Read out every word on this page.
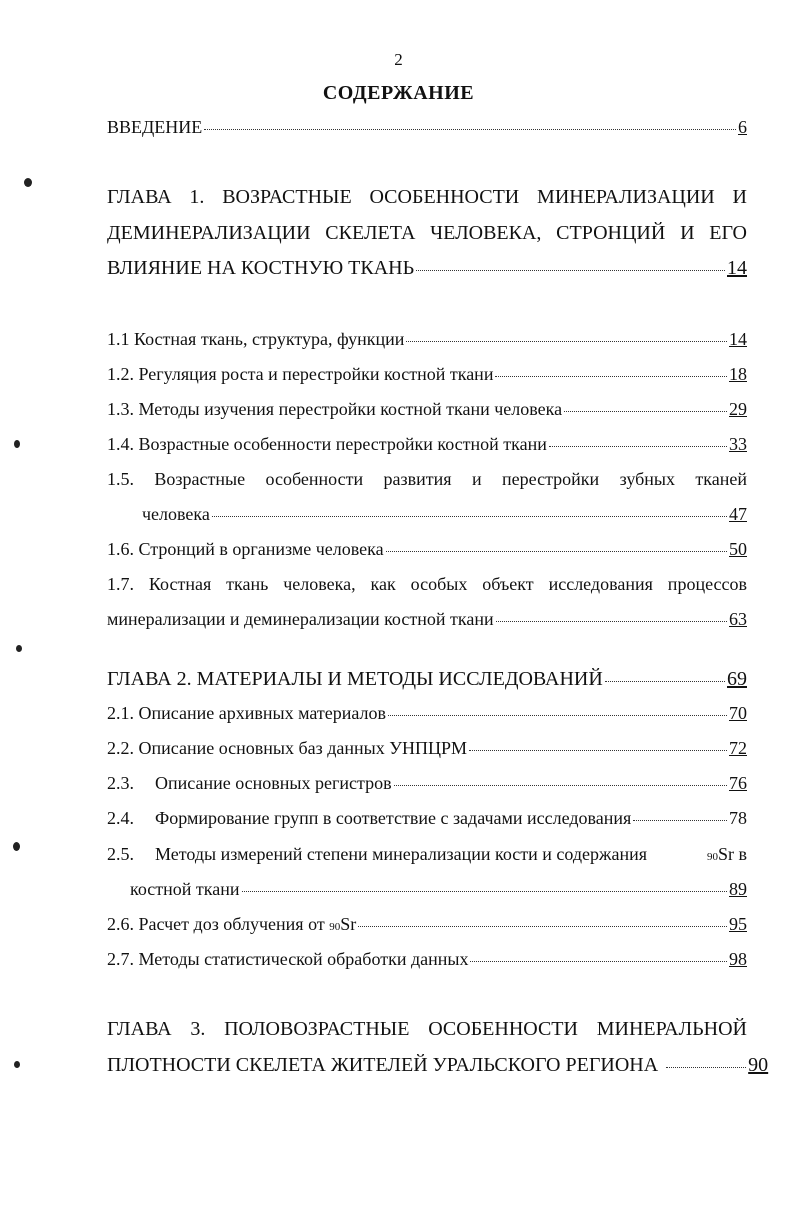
2
СОДЕРЖАНИЕ
ВВЕДЕНИЕ	6
ГЛАВА 1. ВОЗРАСТНЫЕ ОСОБЕННОСТИ МИНЕРАЛИЗАЦИИ И
ДЕМИНЕРАЛИЗАЦИИ СКЕЛЕТА ЧЕЛОВЕКА, СТРОНЦИЙ И ЕГО
ВЛИЯНИЕ НА КОСТНУЮ ТКАНЬ	14
1.1 Костная ткань, структура, функции	14
1.2. Регуляция роста и перестройки костной ткани	18
1.3. Методы изучения перестройки костной ткани человека	29
1.4. Возрастные особенности перестройки костной ткани	33
1.5. Возрастные особенности развития и перестройки зубных тканей
человека	47
1.6. Стронций в организме человека	50
1.7. Костная ткань человека, как особых объект исследования процессов
минерализации и деминерализации костной ткани	63
ГЛАВА 2. МАТЕРИАЛЫ И МЕТОДЫ ИССЛЕДОВАНИЙ	69
2.1. Описание архивных материалов	70
2.2. Описание основных баз данных УНПЦРМ	72
2.3.	Описание основных регистров	76
2.4.	Формирование групп в соответствие с задачами исследования	78
2.5.	Методы измерений степени минерализации кости и содержания	90 Sr в
костной ткани	89
2.6. Расчет доз облучения от
90 Sr	95
2.7. Методы статистической обработки данных	98
ГЛАВА 3. ПОЛОВОЗРАСТНЫЕ ОСОБЕННОСТИ МИНЕРАЛЬНОЙ
ПЛОТНОСТИ СКЕЛЕТА ЖИТЕЛЕЙ УРАЛЬСКОГО РЕГИОНА	90
